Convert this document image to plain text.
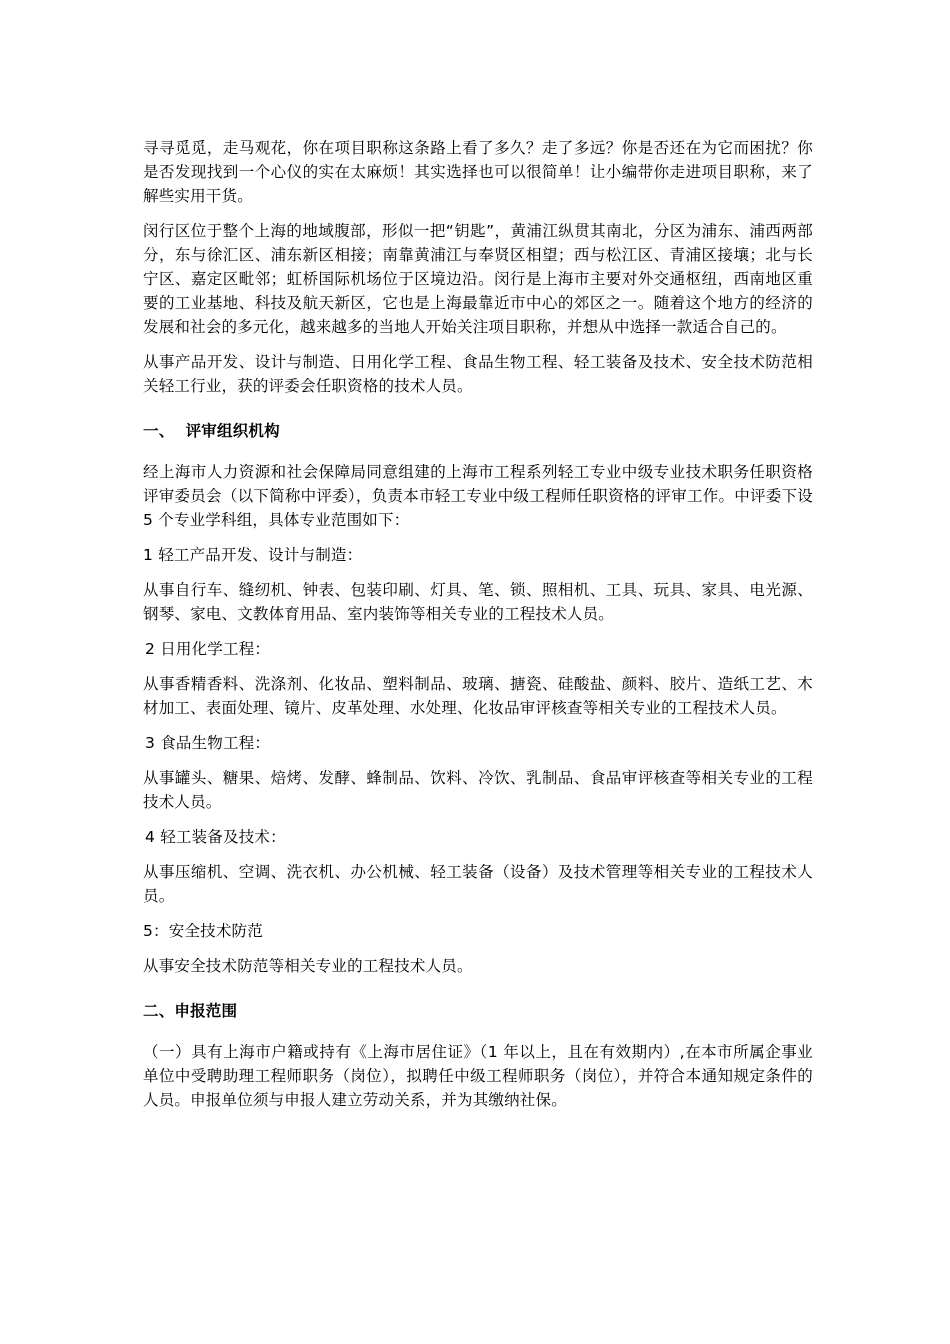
寻寻觅觅，走马观花，你在项目职称这条路上看了多久？走了多远？你是否还在为它而困扰？你是否发现找到一个心仪的实在太麻烦！其实选择也可以很简单！让小编带你走进项目职称，来了解些实用干货。

闵行区位于整个上海的地域腹部，形似一把“钥匙”，黄浦江纵贯其南北，分区为浦东、浦西两部分，东与徐汇区、浦东新区相接；南靠黄浦江与奉贤区相望；西与松江区、青浦区接壤；北与长宁区、嘉定区毗邻；虹桥国际机场位于区境边沿。闵行是上海市主要对外交通枢纽，西南地区重要的工业基地、科技及航天新区，它也是上海最靠近市中心的郊区之一。随着这个地方的经济的发展和社会的多元化，越来越多的当地人开始关注项目职称，并想从中选择一款适合自己的。

从事产品开发、设计与制造、日用化学工程、食品生物工程、轻工装备及技术、安全技术防范相关轻工行业，获的评委会任职资格的技术人员。

一、  评审组织机构

经上海市人力资源和社会保障局同意组建的上海市工程系列轻工专业中级专业技术职务任职资格评审委员会（以下简称中评委），负责本市轻工专业中级工程师任职资格的评审工作。中评委下设 5 个专业学科组，具体专业范围如下：

1 轻工产品开发、设计与制造：

从事自行车、缝纫机、钟表、包装印刷、灯具、笔、锁、照相机、工具、玩具、家具、电光源、钢琴、家电、文教体育用品、室内装饰等相关专业的工程技术人员。

2 日用化学工程：

从事香精香料、洗涤剂、化妆品、塑料制品、玻璃、搪瓷、硅酸盐、颜料、胶片、造纸工艺、木材加工、表面处理、镜片、皮革处理、水处理、化妆品审评核查等相关专业的工程技术人员。

3 食品生物工程：

从事罐头、糖果、焙烤、发酵、蜂制品、饮料、冷饮、乳制品、食品审评核查等相关专业的工程技术人员。

4 轻工装备及技术：

从事压缩机、空调、洗衣机、办公机械、轻工装备（设备）及技术管理等相关专业的工程技术人员。

5：安全技术防范

从事安全技术防范等相关专业的工程技术人员。

二、申报范围

（一）具有上海市户籍或持有《上海市居住证》（1 年以上，且在有效期内）,在本市所属企事业单位中受聘助理工程师职务（岗位），拟聘任中级工程师职务（岗位），并符合本通知规定条件的人员。申报单位须与申报人建立劳动关系，并为其缴纳社保。
